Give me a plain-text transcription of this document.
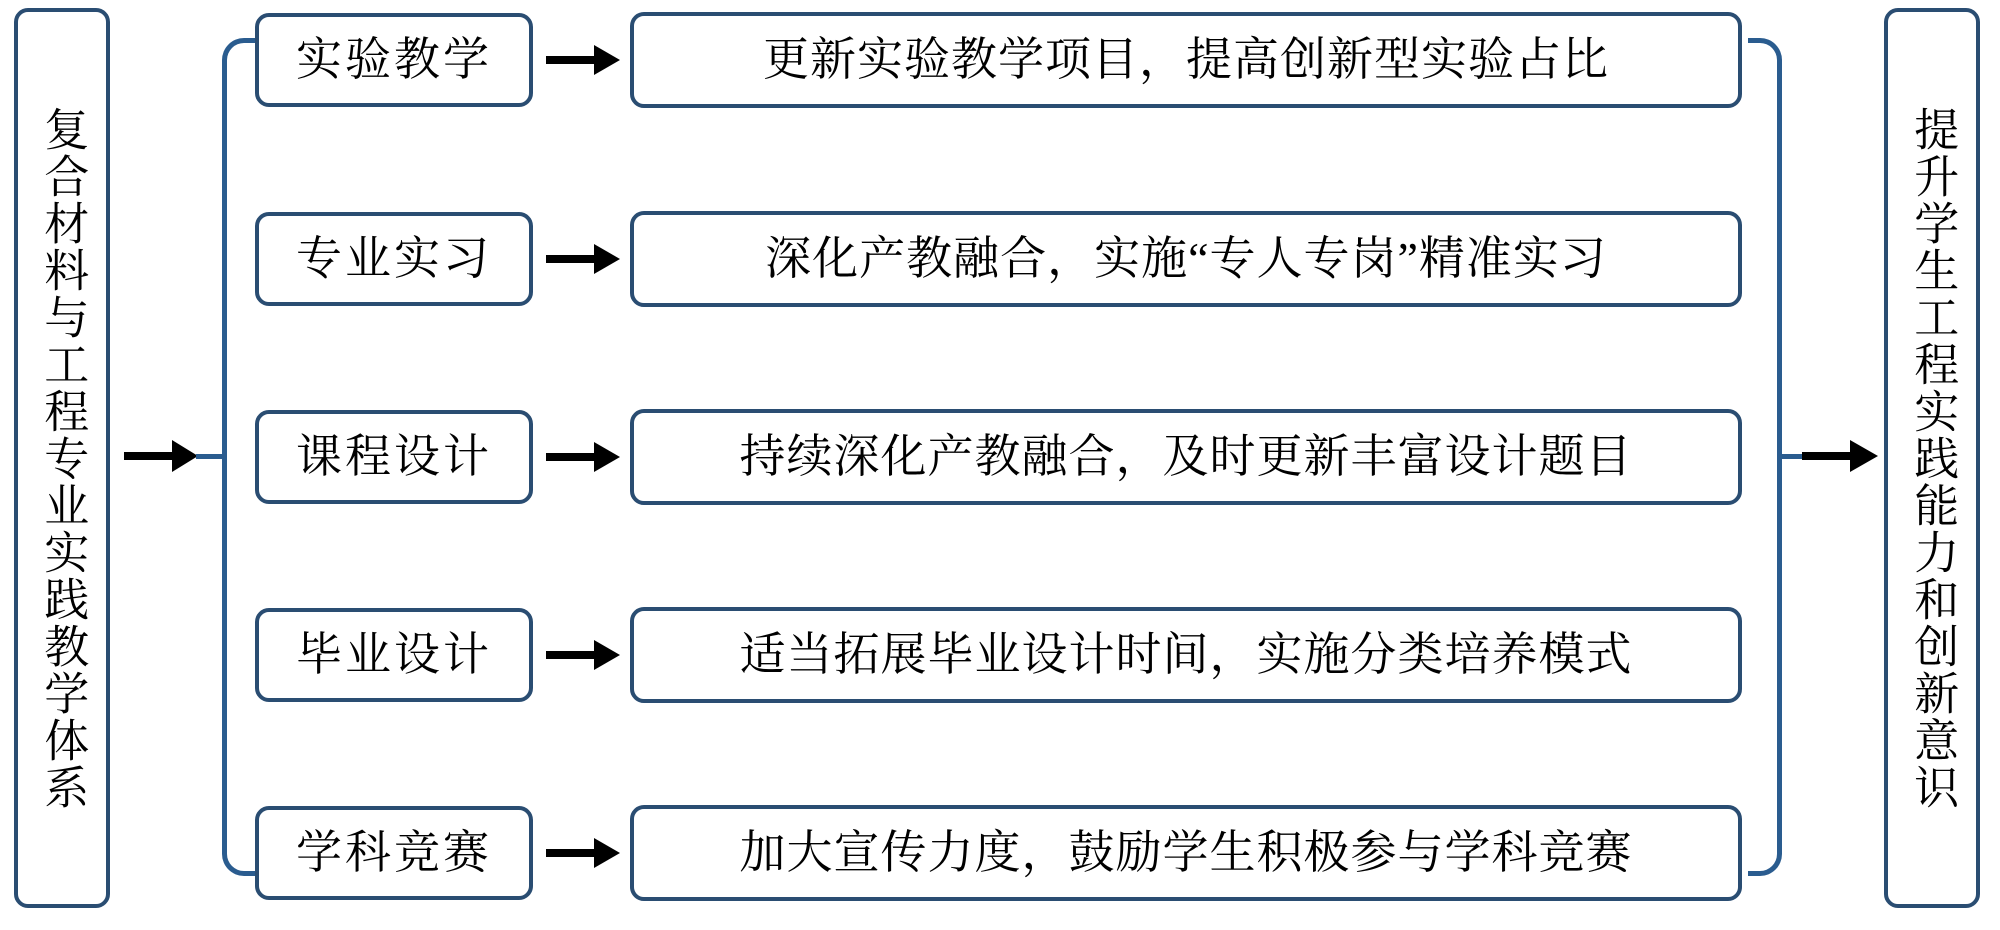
复合材料与工程专业实践教学体系
实验教学	更新实验教学项目，提高创新型实验占比
专业实习	深化产教融合，实施“专人专岗”精准实习
课程设计	持续深化产教融合，及时更新丰富设计题目
毕业设计	适当拓展毕业设计时间，实施分类培养模式
学科竞赛	加大宣传力度，鼓励学生积极参与学科竞赛
提升学生工程实践能力和创新意识
